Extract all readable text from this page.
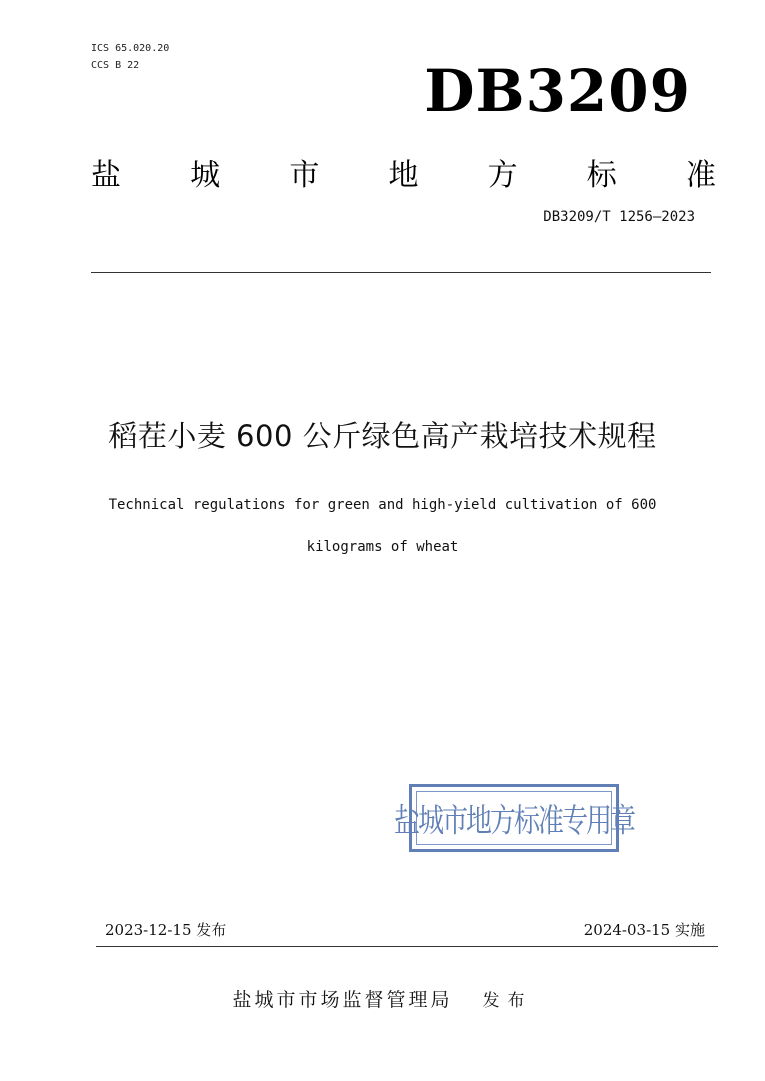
ICS 65.020.20
CCS B 22	DB3209
盐 城 市 地 方 标 准
DB3209/T 1256—2023
稻茬小麦 600 公斤绿色高产栽培技术规程
Technical regulations for green and high-yield cultivation of 600
kilograms of wheat
盐城市地方标准专用章
2023-12-15 发布	2024-03-15 实施
盐城市市场监督管理局 发布
